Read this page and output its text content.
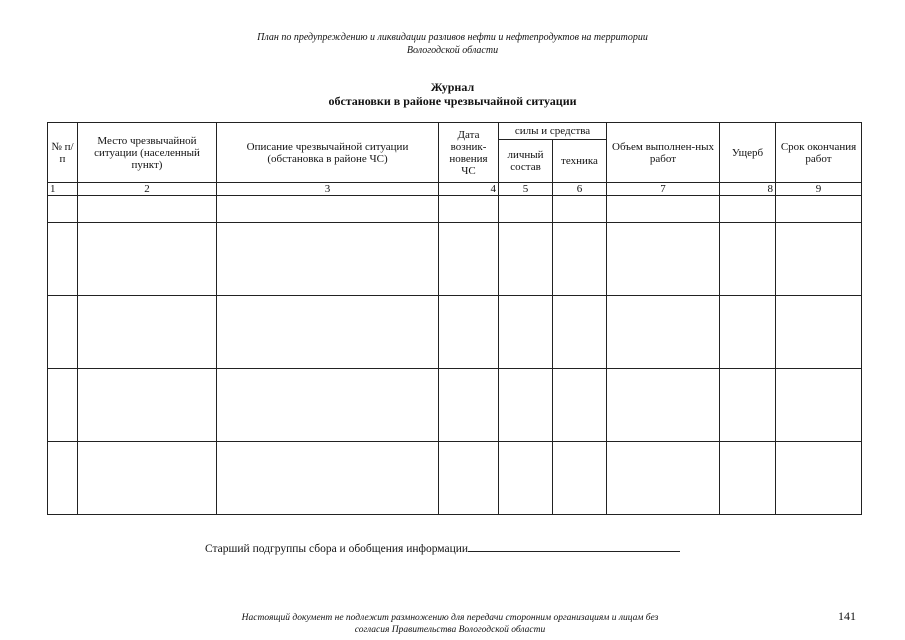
План по предупреждению и ликвидации разливов нефти и нефтепродуктов на территории
Вологодской области
Журнал
обстановки в районе чрезвычайной ситуации
№ п/п	Место чрезвычайной ситуации (населенный пункт)	Описание чрезвычайной ситуации (обстановка в районе ЧС)	Дата возник-новения ЧС	силы и средства		Объем выполнен-ных работ	Ущерб	Срок окончания работ
				личный состав	техника			
1	2	3	4	5	6	7	8	9

Старший подгруппы сбора и обобщения информации
Настоящий документ не подлежит размножению для передачи сторонним организациям и лицам без
согласия Правительства Вологодской области
141
